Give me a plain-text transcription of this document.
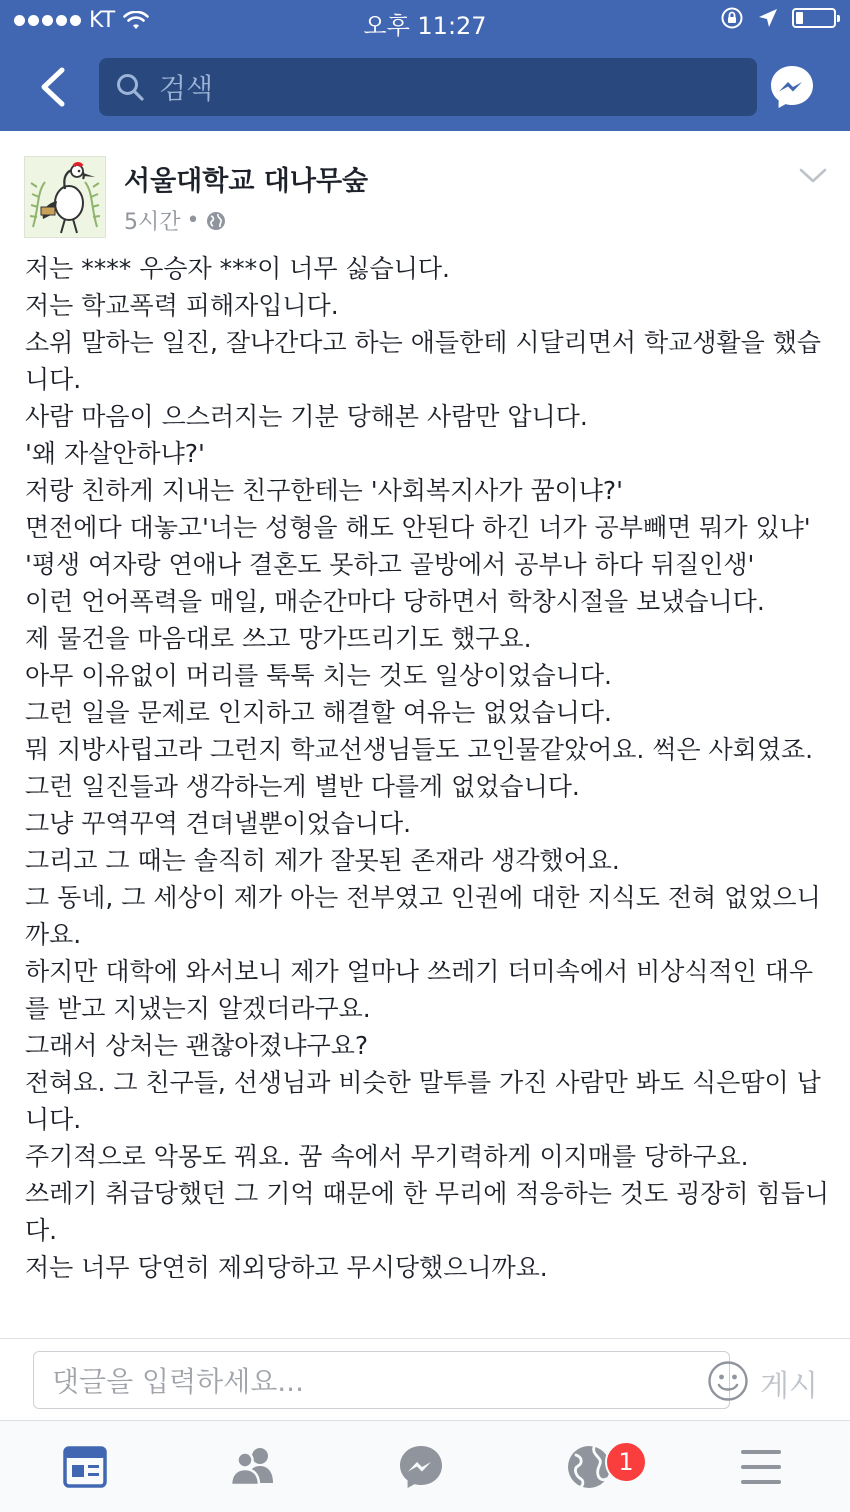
KT	오후 11:27
검색
서울대학교 대나무숲
5시간 •

저는 **** 우승자 ***이 너무 싫습니다.

저는 학교폭력 피해자입니다.

소위 말하는 일진, 잘나간다고 하는 애들한테 시달리면서 학교생활을 했습니다.

사람 마음이 으스러지는 기분 당해본 사람만 압니다.

'왜 자살안하냐?'

저랑 친하게 지내는 친구한테는 '사회복지사가 꿈이냐?'

면전에다 대놓고'너는 성형을 해도 안된다 하긴 너가 공부빼면 뭐가 있냐'

'평생 여자랑 연애나 결혼도 못하고 골방에서 공부나 하다 뒤질인생'

이런 언어폭력을 매일, 매순간마다 당하면서 학창시절을 보냈습니다.

제 물건을 마음대로 쓰고 망가뜨리기도 했구요.

아무 이유없이 머리를 툭툭 치는 것도 일상이었습니다.

그런 일을 문제로 인지하고 해결할 여유는 없었습니다.

뭐 지방사립고라 그런지 학교선생님들도 고인물같았어요. 썩은 사회였죠.

그런 일진들과 생각하는게 별반 다를게 없었습니다.

그냥 꾸역꾸역 견뎌낼뿐이었습니다.

그리고 그 때는 솔직히 제가 잘못된 존재라 생각했어요.

그 동네, 그 세상이 제가 아는 전부였고 인권에 대한 지식도 전혀 없었으니까요.

하지만 대학에 와서보니 제가 얼마나 쓰레기 더미속에서 비상식적인 대우를 받고 지냈는지 알겠더라구요.

그래서 상처는 괜찮아졌냐구요?

전혀요. 그 친구들, 선생님과 비슷한 말투를 가진 사람만 봐도 식은땀이 납니다.

주기적으로 악몽도 꿔요. 꿈 속에서 무기력하게 이지매를 당하구요.

쓰레기 취급당했던 그 기억 때문에 한 무리에 적응하는 것도 굉장히 힘듭니다.

저는 너무 당연히 제외당하고 무시당했으니까요.

댓글을 입력하세요...
게시
1
